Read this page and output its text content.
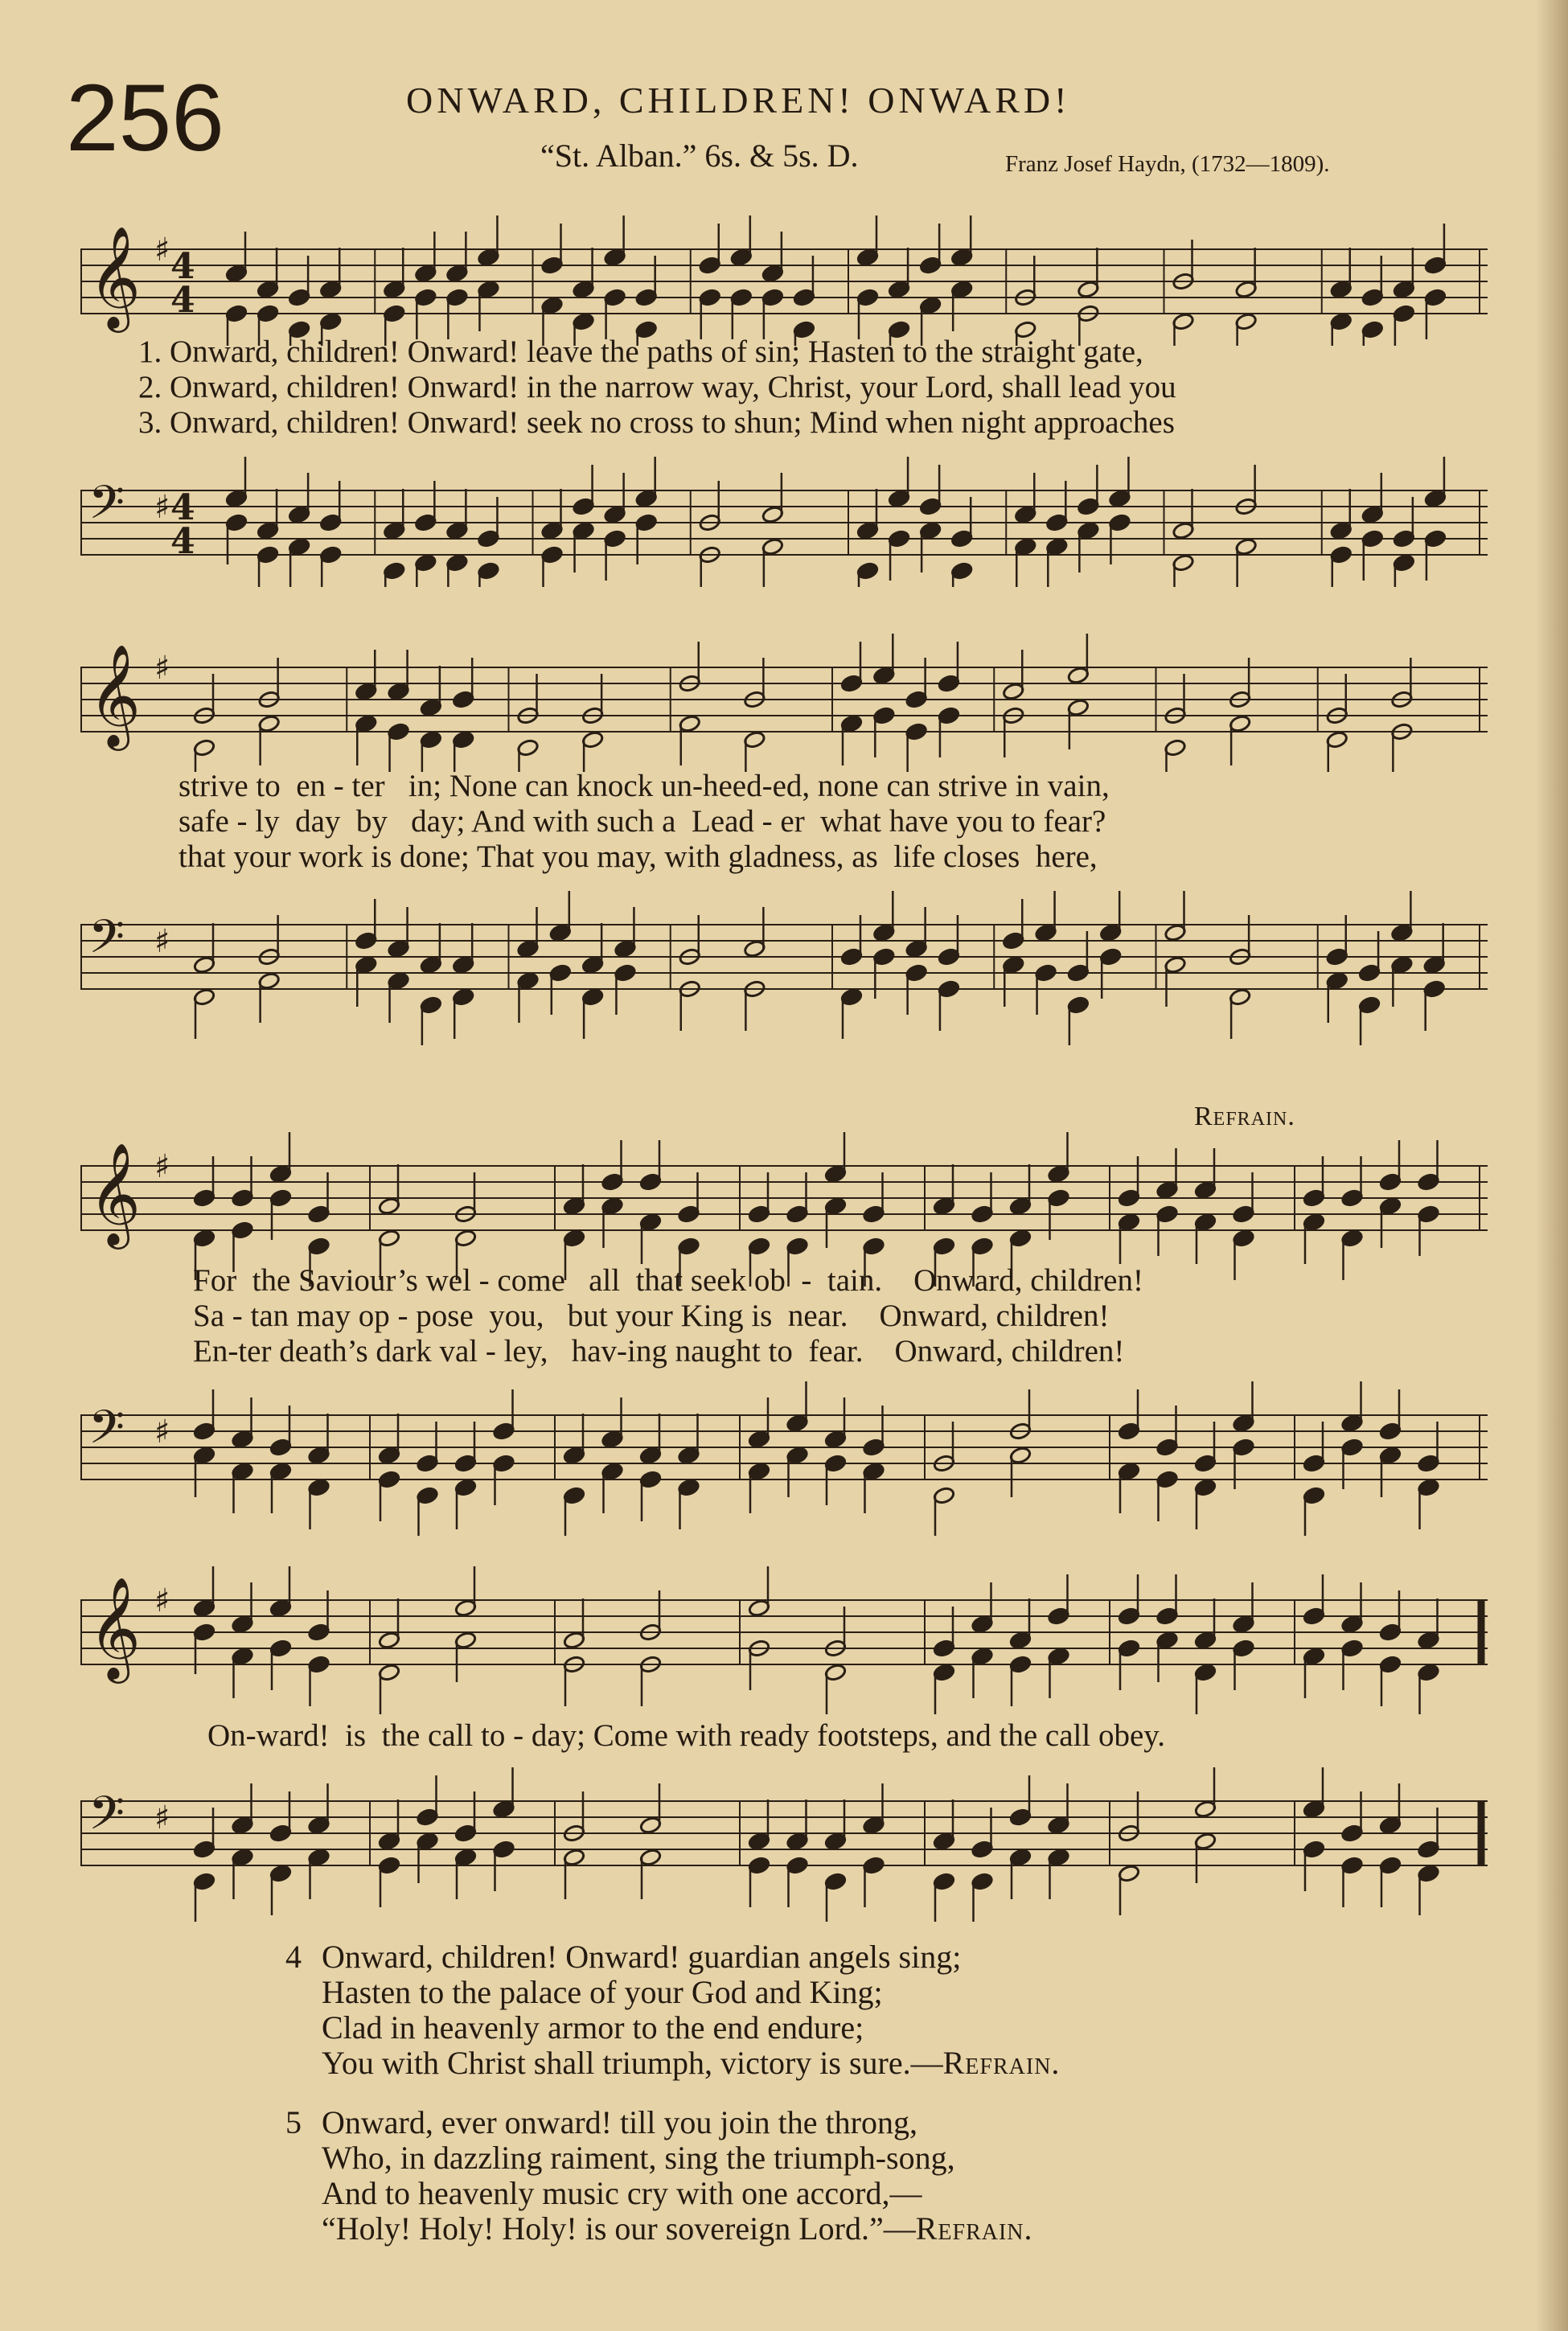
256	ONWARD, CHILDREN! ONWARD!
“St. Alban.” 6s. & 5s. D.	Franz Josef Haydn, (1732—1809).
𝄞 ♯ 4
4
1. Onward, children! Onward! leave the paths of sin; Hasten to the straight gate,
2. Onward, children! Onward! in the narrow way, Christ, your Lord, shall lead you
3. Onward, children! Onward! seek no cross to shun; Mind when night approaches
𝄢 ♯ 4
4
𝄞 ♯
strive to  en - ter   in; None can knock un-heed-ed, none can strive in vain,
safe - ly  day  by   day; And with such a  Lead - er  what have you to fear?
that your work is done; That you may, with gladness, as  life closes  here,
𝄢 ♯
𝄞 ♯
For  the Saviour’s wel - come   all  that seek ob  -  tain.    Onward, children!
Sa - tan may op - pose  you,   but your King is  near.    Onward, children!
En-ter death’s dark val - ley,   hav-ing naught to  fear.    Onward, children!
𝄢 ♯
Refrain.
𝄞 ♯
On-ward!  is  the call to - day; Come with ready footsteps, and the call obey.
𝄢 ♯
4 Onward, children! Onward! guardian angels sing;
Hasten to the palace of your God and King;
Clad in heavenly armor to the end endure;
You with Christ shall triumph, victory is sure.—Refrain.
5 Onward, ever onward! till you join the throng,
Who, in dazzling raiment, sing the triumph-song,
And to heavenly music cry with one accord,—
“Holy! Holy! Holy! is our sovereign Lord.”—Refrain.
